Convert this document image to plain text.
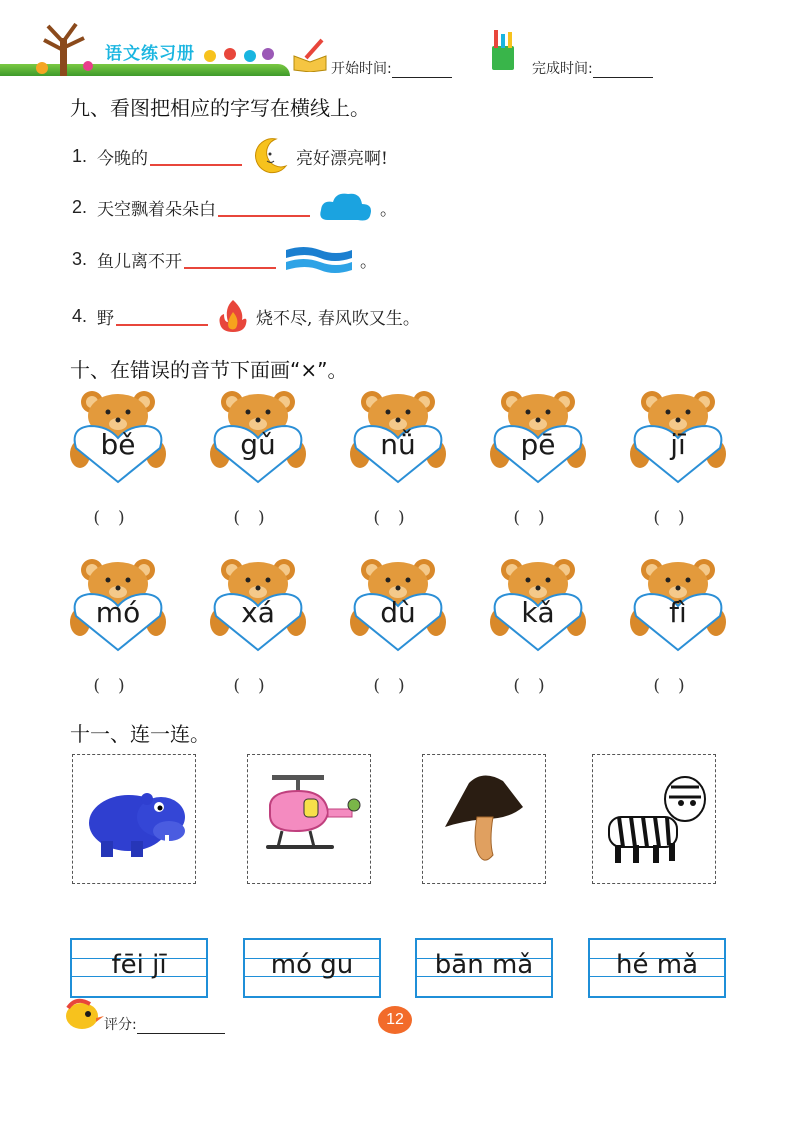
语文练习册
开始时间:	完成时间:
九、看图把相应的字写在横线上。
1. 今晚的	亮好漂亮啊!
2. 天空飘着朵朵白	。
3. 鱼儿离不开	。
4. 野	烧不尽, 春风吹又生。
十、在错误的音节下面画“×”。
bě
()
gǔ
()
nǚ
()
pē
()
jī
()
mó
()
xá
()
dù
()
kǎ
()
fì
()
十一、连一连。
fēi jī	mó gu	bān mǎ	hé mǎ
评分:	12
